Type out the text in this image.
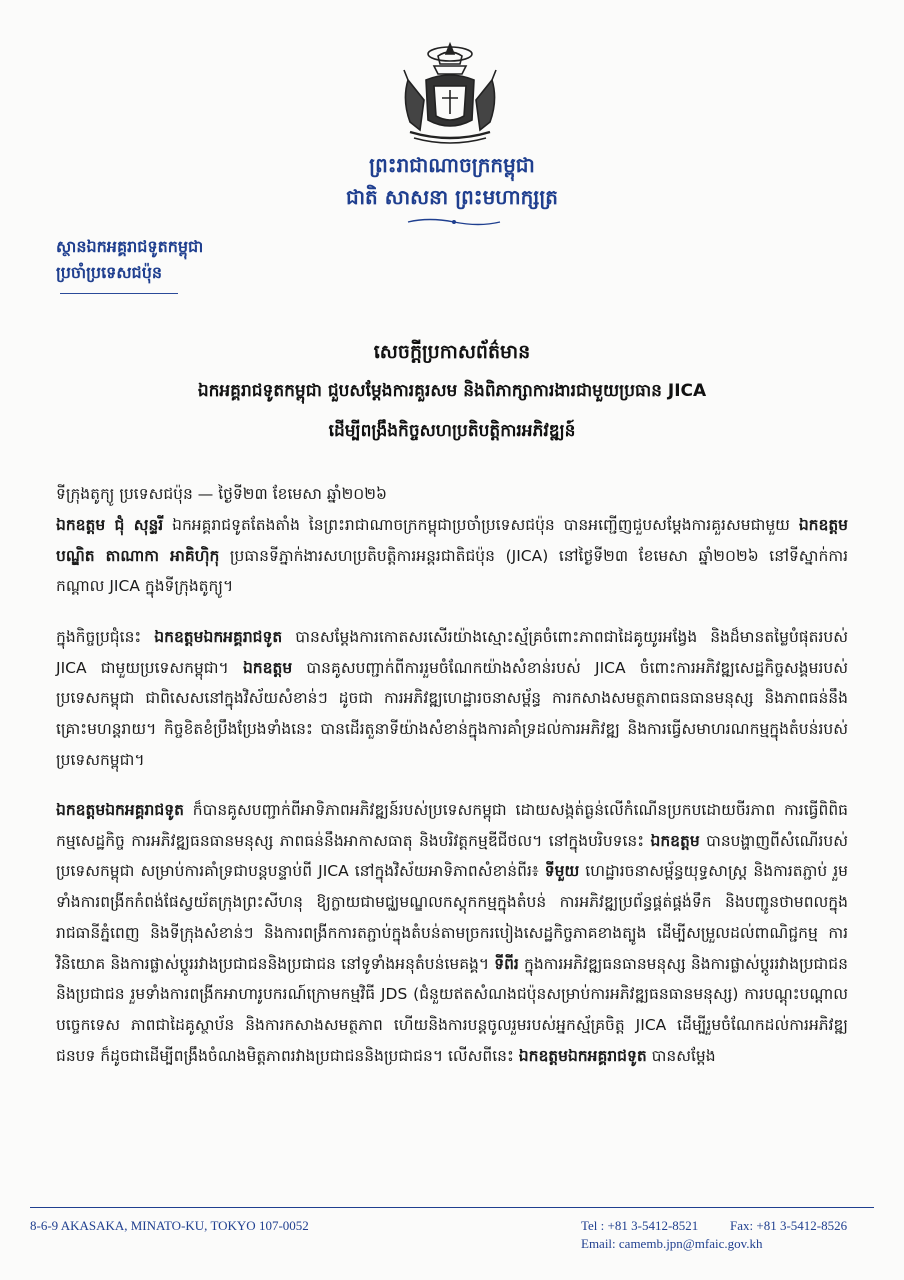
ព្រះរាជាណាចក្រកម្ពុជា
ជាតិ សាសនា ព្រះមហាក្សត្រ
ស្ថានឯកអគ្គរាជទូតកម្ពុជា
ប្រចាំប្រទេសជប៉ុន
សេចក្តីប្រកាសព័ត៌មាន
ឯកអគ្គរាជទូតកម្ពុជា ជួបសម្តែងការគួរសម និងពិភាក្សាការងារជាមួយប្រធាន JICA
ដើម្បីពង្រឹងកិច្ចសហប្រតិបត្តិការអភិវឌ្ឍន៍
ទីក្រុងតូក្យូ ប្រទេសជប៉ុន — ថ្ងៃទី២៣ ខែមេសា ឆ្នាំ២០២៦
ឯកឧត្តម ជុំ សុន្ទរី ឯកអគ្គរាជទូតតែងតាំង នៃព្រះរាជាណាចក្រកម្ពុជាប្រចាំប្រទេសជប៉ុន បានអញ្ជើញជួបសម្តែងការគួរសមជាមួយ ឯកឧត្តមបណ្ឌិត តាណាកា អាគិហ៊ិកុ ប្រធានទីភ្នាក់ងារសហប្រតិបត្តិការអន្តរជាតិជប៉ុន (JICA) នៅថ្ងៃទី២៣ ខែមេសា ឆ្នាំ២០២៦ នៅទីស្នាក់ការកណ្តាល JICA ក្នុងទីក្រុងតូក្យូ។
ក្នុងកិច្ចប្រជុំនេះ ឯកឧត្តមឯកអគ្គរាជទូត បានសម្តែងការកោតសរសើរយ៉ាងស្មោះស្ម័គ្រចំពោះភាពជាដៃគូយូរអង្វែង និងដ៏មានតម្លៃបំផុតរបស់ JICA ជាមួយប្រទេសកម្ពុជា។ ឯកឧត្តម បានគូសបញ្ជាក់ពីការរួមចំណែកយ៉ាងសំខាន់របស់ JICA ចំពោះការអភិវឌ្ឍសេដ្ឋកិច្ចសង្គមរបស់ប្រទេសកម្ពុជា ជាពិសេសនៅក្នុងវិស័យសំខាន់ៗ ដូចជា ការអភិវឌ្ឍហេដ្ឋារចនាសម្ព័ន្ធ ការកសាងសមត្ថភាពធនធានមនុស្ស និងភាពធន់នឹងគ្រោះមហន្តរាយ។ កិច្ចខិតខំប្រឹងប្រែងទាំងនេះ បានដើរតួនាទីយ៉ាងសំខាន់ក្នុងការគាំទ្រដល់ការអភិវឌ្ឍ និងការធ្វើសមាហរណកម្មក្នុងតំបន់របស់ប្រទេសកម្ពុជា។
ឯកឧត្តមឯកអគ្គរាជទូត ក៏បានគូសបញ្ជាក់ពីអាទិភាពអភិវឌ្ឍន៍របស់ប្រទេសកម្ពុជា ដោយសង្កត់ធ្ងន់លើកំណើនប្រកបដោយចីរភាព ការធ្វើពិពិធកម្មសេដ្ឋកិច្ច ការអភិវឌ្ឍធនធានមនុស្ស ភាពធន់នឹងអាកាសធាតុ និងបរិវត្តកម្មឌីជីថល។ នៅក្នុងបរិបទនេះ ឯកឧត្តម បានបង្ហាញពីសំណើរបស់ប្រទេសកម្ពុជា សម្រាប់ការគាំទ្រជាបន្តបន្ទាប់ពី JICA នៅក្នុងវិស័យអាទិភាពសំខាន់ពីរ៖ ទីមួយ ហេដ្ឋារចនាសម្ព័ន្ធយុទ្ធសាស្ត្រ និងការតភ្ជាប់ រួមទាំងការពង្រីកកំពង់ផែស្វយ័តក្រុងព្រះសីហនុ ឱ្យក្លាយជាមជ្ឈមណ្ឌលកស្តុកកម្មក្នុងតំបន់ ការអភិវឌ្ឍប្រព័ន្ធផ្គត់ផ្គង់ទឹក និងបញ្ជូនថាមពលក្នុងរាជធានីភ្នំពេញ និងទីក្រុងសំខាន់ៗ និងការពង្រីកការតភ្ជាប់ក្នុងតំបន់តាមច្រករបៀងសេដ្ឋកិច្ចភាគខាងត្បូង ដើម្បីសម្រួលដល់ពាណិជ្ជកម្ម ការវិនិយោគ និងការផ្លាស់ប្តូររវាងប្រជាជននិងប្រជាជន នៅទូទាំងអនុតំបន់មេគង្គ។ ទីពីរ ក្នុងការអភិវឌ្ឍធនធានមនុស្ស និងការផ្លាស់ប្តូររវាងប្រជាជននិងប្រជាជន រួមទាំងការពង្រីកអាហារូបករណ៍ក្រោមកម្មវិធី JDS (ជំនួយឥតសំណងជប៉ុនសម្រាប់ការអភិវឌ្ឍធនធានមនុស្ស) ការបណ្តុះបណ្តាលបច្ចេកទេស ភាពជាដៃគូស្ថាប័ន និងការកសាងសមត្ថភាព ហើយនិងការបន្តចូលរួមរបស់អ្នកស្ម័គ្រចិត្ត JICA ដើម្បីរួមចំណែកដល់ការអភិវឌ្ឍជនបទ ក៏ដូចជាដើម្បីពង្រឹងចំណងមិត្តភាពរវាងប្រជាជននិងប្រជាជន។ លើសពីនេះ ឯកឧត្តមឯកអគ្គរាជទូត បានសម្តែង
8-6-9 AKASAKA, MINATO-KU, TOKYO 107-0052	Tel : +81 3-5412-8521 Fax: +81 3-5412-8526
Email: camemb.jpn@mfaic.gov.kh
